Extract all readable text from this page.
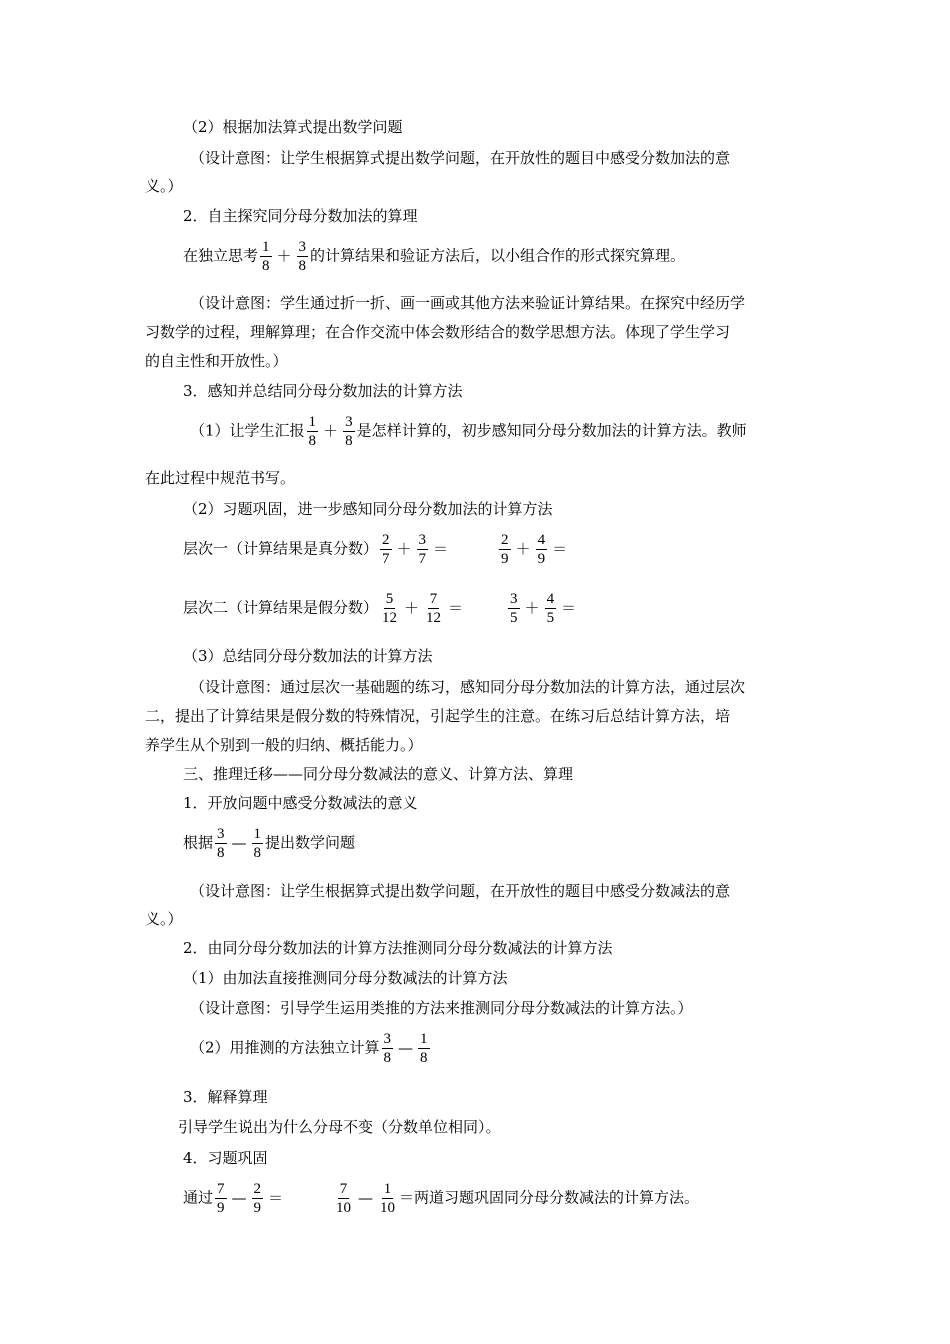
（2）根据加法算式提出数学问题
（设计意图：让学生根据算式提出数学问题，在开放性的题目中感受分数加法的意
义。）
2．自主探究同分母分数加法的算理
在独立思考 $\frac{1}{8} + \frac{3}{8}$ 的计算结果和验证方法后，以小组合作的形式探究算理。
（设计意图：学生通过折一折、画一画或其他方法来验证计算结果。在探究中经历学
习数学的过程，理解算理；在合作交流中体会数形结合的数学思想方法。体现了学生学习
的自主性和开放性。）
3．感知并总结同分母分数加法的计算方法
（1）让学生汇报 $\frac{1}{8} + \frac{3}{8}$ 是怎样计算的，初步感知同分母分数加法的计算方法。教师
在此过程中规范书写。
（2）习题巩固，进一步感知同分母分数加法的计算方法
层次一（计算结果是真分数） $\frac{2}{7} + \frac{3}{7}$ ＝	$\frac{2}{9} + \frac{4}{9}$ ＝
层次二（计算结果是假分数） $\frac{5}{12} + \frac{7}{12}$ ＝	$\frac{3}{5} + \frac{4}{5}$ ＝
（3）总结同分母分数加法的计算方法
（设计意图：通过层次一基础题的练习，感知同分母分数加法的计算方法，通过层次
二，提出了计算结果是假分数的特殊情况，引起学生的注意。在练习后总结计算方法，培
养学生从个别到一般的归纳、概括能力。）
三、推理迁移——同分母分数减法的意义、计算方法、算理
1．开放问题中感受分数减法的意义
根据 $\frac{3}{8}$ — $\frac{1}{8}$ 提出数学问题
（设计意图：让学生根据算式提出数学问题，在开放性的题目中感受分数减法的意
义。）
2．由同分母分数加法的计算方法推测同分母分数减法的计算方法
（1）由加法直接推测同分母分数减法的计算方法
（设计意图：引导学生运用类推的方法来推测同分母分数减法的计算方法。）
（2）用推测的方法独立计算 $\frac{3}{8}$ — $\frac{1}{8}$
3．解释算理
引导学生说出为什么分母不变（分数单位相同）。
4．习题巩固
通过 $\frac{7}{9}$ — $\frac{2}{9}$ ＝	$\frac{7}{10}$ — $\frac{1}{10}$ ＝两道习题巩固同分母分数减法的计算方法。
